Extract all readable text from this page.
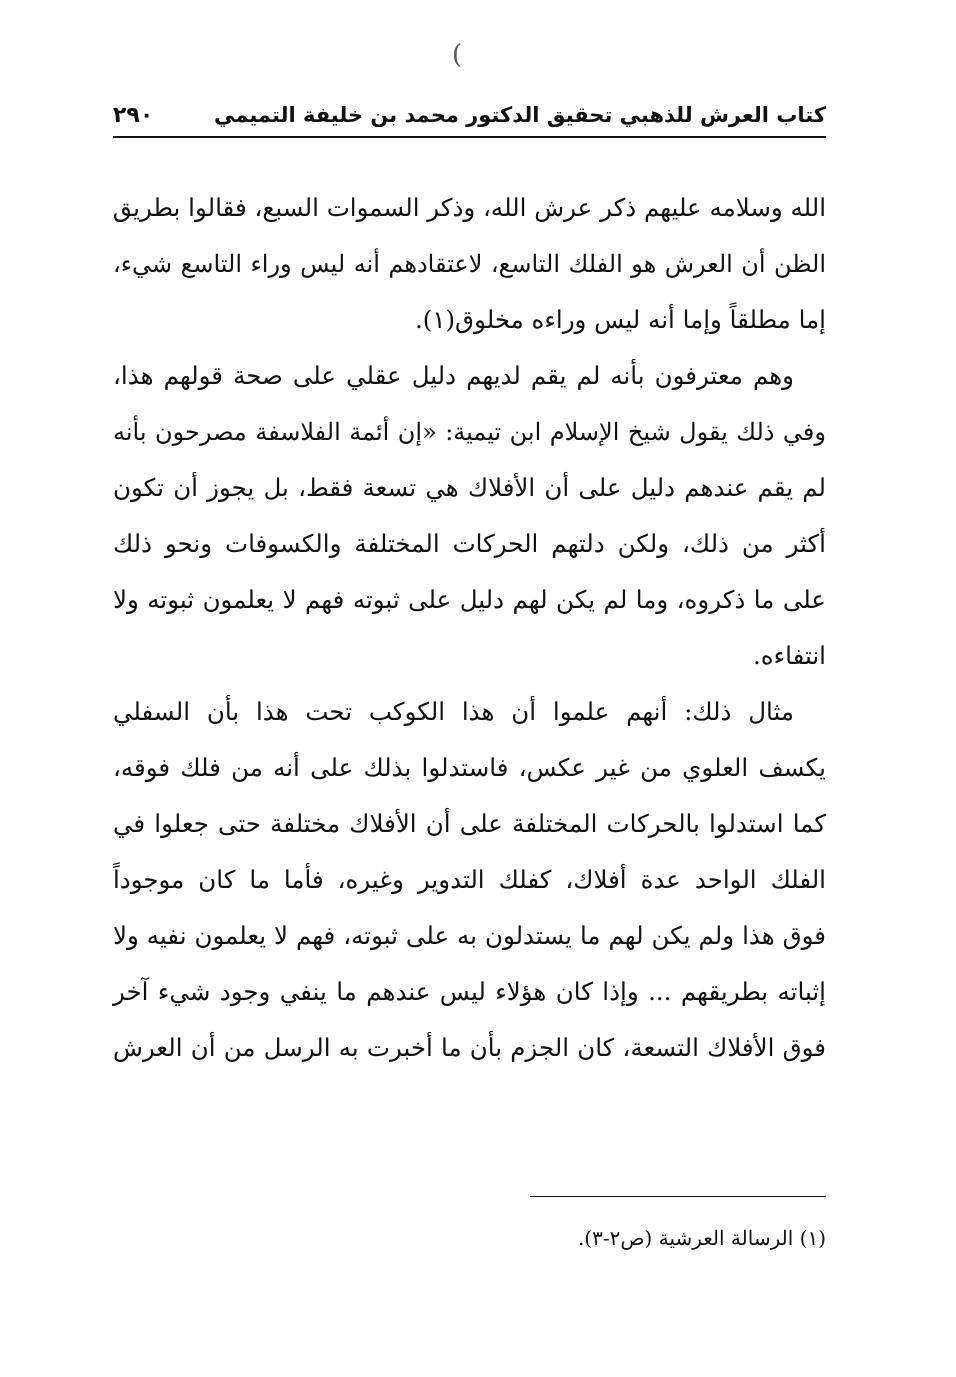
(
٢٩٠	كتاب العرش للذهبي تحقيق الدكتور محمد بن خليفة التميمي
الله وسلامه عليهم ذكر عرش الله، وذكر السموات السبع، فقالوا بطريق
الظن أن العرش هو الفلك التاسع، لاعتقادهم أنه ليس وراء التاسع شيء،
إما مطلقاً وإما أنه ليس وراءه مخلوق(١).
وهم معترفون بأنه لم يقم لديهم دليل عقلي على صحة قولهم هذا،
وفي ذلك يقول شيخ الإسلام ابن تيمية: «إن أئمة الفلاسفة مصرحون بأنه
لم يقم عندهم دليل على أن الأفلاك هي تسعة فقط، بل يجوز أن تكون
أكثر من ذلك، ولكن دلتهم الحركات المختلفة والكسوفات ونحو ذلك
على ما ذكروه، وما لم يكن لهم دليل على ثبوته فهم لا يعلمون ثبوته ولا
انتفاءه.
مثال ذلك: أنهم علموا أن هذا الكوكب تحت هذا بأن السفلي
يكسف العلوي من غير عكس، فاستدلوا بذلك على أنه من فلك فوقه،
كما استدلوا بالحركات المختلفة على أن الأفلاك مختلفة حتى جعلوا في
الفلك الواحد عدة أفلاك، كفلك التدوير وغيره، فأما ما كان موجوداً
فوق هذا ولم يكن لهم ما يستدلون به على ثبوته، فهم لا يعلمون نفيه ولا
إثباته بطريقهم ... وإذا كان هؤلاء ليس عندهم ما ينفي وجود شيء آخر
فوق الأفلاك التسعة، كان الجزم بأن ما أخبرت به الرسل من أن العرش
(١) الرسالة العرشية (ص٢-٣).
